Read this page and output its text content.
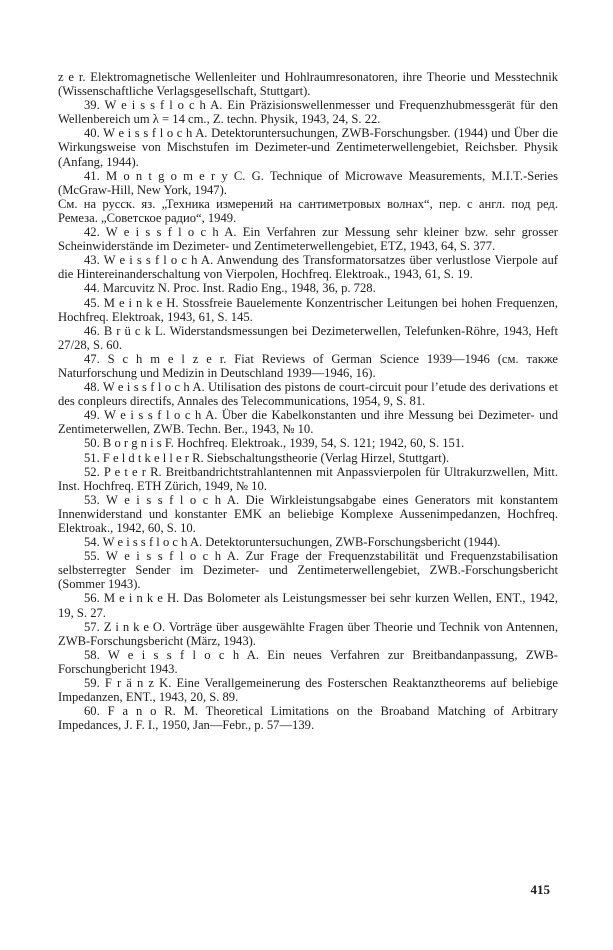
z e r. Elektromagnetische Wellenleiter und Hohlraumresonatoren, ihre Theorie und Messtechnik (Wissenschaftliche Verlagsgesellschaft, Stuttgart).

39. W e i s s f l o c h A. Ein Präzisionswellenmesser und Frequenzhubmessgerät für den Wellenbereich um λ = 14 cm., Z. techn. Physik, 1943, 24, S. 22.

40. W e i s s f l o c h A. Detektoruntersuchungen, ZWB-Forschungsber. (1944) und Über die Wirkungsweise von Mischstufen im Dezimeter-und Zentimeterwellengebiet, Reichsber. Physik (Anfang, 1944).

41. M o n t g o m e r y C. G. Technique of Microwave Measurements, M.I.T.-Series (McGraw-Hill, New York, 1947).

См. на русск. яз. „Техника измерений на сантиметровых волнах“, пер. с англ. под ред. Ремеза. „Советское радио“, 1949.

42. W e i s s f l o c h A. Ein Verfahren zur Messung sehr kleiner bzw. sehr grosser Scheinwiderstände im Dezimeter- und Zentimeterwellengebiet, ETZ, 1943, 64, S. 377.

43. W e i s s f l o c h A. Anwendung des Transformatorsatzes über verlustlose Vierpole auf die Hintereinanderschaltung von Vierpolen, Hochfreq. Elektroak., 1943, 61, S. 19.

44. Marcuvitz N. Proc. Inst. Radio Eng., 1948, 36, p. 728.

45. M e i n k e H. Stossfreie Bauelemente Konzentrischer Leitungen bei hohen Frequenzen, Hochfreq. Elektroak, 1943, 61, S. 145.

46. B r ü c k L. Widerstandsmessungen bei Dezimeterwellen, Telefunken-Röhre, 1943, Heft 27/28, S. 60.

47. S c h m e l z e r. Fiat Reviews of German Science 1939—1946 (см. также Naturforschung und Medizin in Deutschland 1939—1946, 16).

48. W e i s s f l o c h A. Utilisation des pistons de court-circuit pour l’etude des derivations et des conpleurs directifs, Annales des Telecommunications, 1954, 9, S. 81.

49. W e i s s f l o c h A. Über die Kabelkonstanten und ihre Messung bei Dezimeter- und Zentimeterwellen, ZWB. Techn. Ber., 1943, № 10.

50. B o r g n i s F. Hochfreq. Elektroak., 1939, 54, S. 121; 1942, 60, S. 151.

51. F e l d t k e l l e r R. Siebschaltungstheorie (Verlag Hirzel, Stuttgart).

52. P e t e r R. Breitbandrichtstrahlantennen mit Anpassvierpolen für Ultrakurzwellen, Mitt. Inst. Hochfreq. ETH Zürich, 1949, № 10.

53. W e i s s f l o c h A. Die Wirkleistungsabgabe eines Generators mit konstantem Innenwiderstand und konstanter EMK an beliebige Komplexe Aussenimpedanzen, Hochfreq. Elektroak., 1942, 60, S. 10.

54. W e i s s f l o c h A. Detektoruntersuchungen, ZWB-Forschungsbericht (1944).

55. W e i s s f l o c h A. Zur Frage der Frequenzstabilität und Frequenzstabilisation selbsterregter Sender im Dezimeter- und Zentimeterwellengebiet, ZWB.-Forschungsbericht (Sommer 1943).

56. M e i n k e H. Das Bolometer als Leistungsmesser bei sehr kurzen Wellen, ENT., 1942, 19, S. 27.

57. Z i n k e O. Vorträge über ausgewählte Fragen über Theorie und Technik von Antennen, ZWB-Forschungsbericht (März, 1943).

58. W e i s s f l o c h A. Ein neues Verfahren zur Breitbandanpassung, ZWB-Forschungbericht 1943.

59. F r ä n z K. Eine Verallgemeinerung des Fosterschen Reaktanztheorems auf beliebige Impedanzen, ENT., 1943, 20, S. 89.

60. F a n o R. M. Theoretical Limitations on the Broaband Matching of Arbitrary Impedances, J. F. I., 1950, Jan—Febr., p. 57—139.

415
